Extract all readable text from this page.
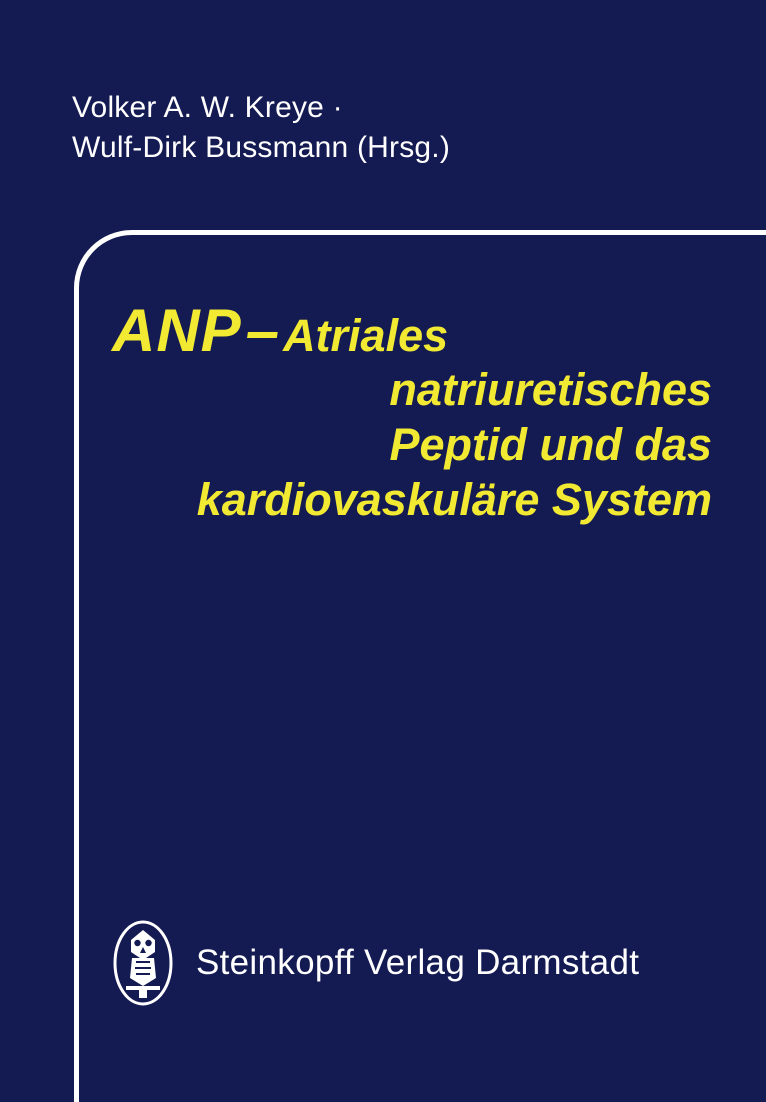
Volker A. W. Kreye ·
Wulf-Dirk Bussmann (Hrsg.)
ANP–Atriales
natriuretisches
Peptid und das
kardiovaskuläre System
Steinkopff Verlag Darmstadt
